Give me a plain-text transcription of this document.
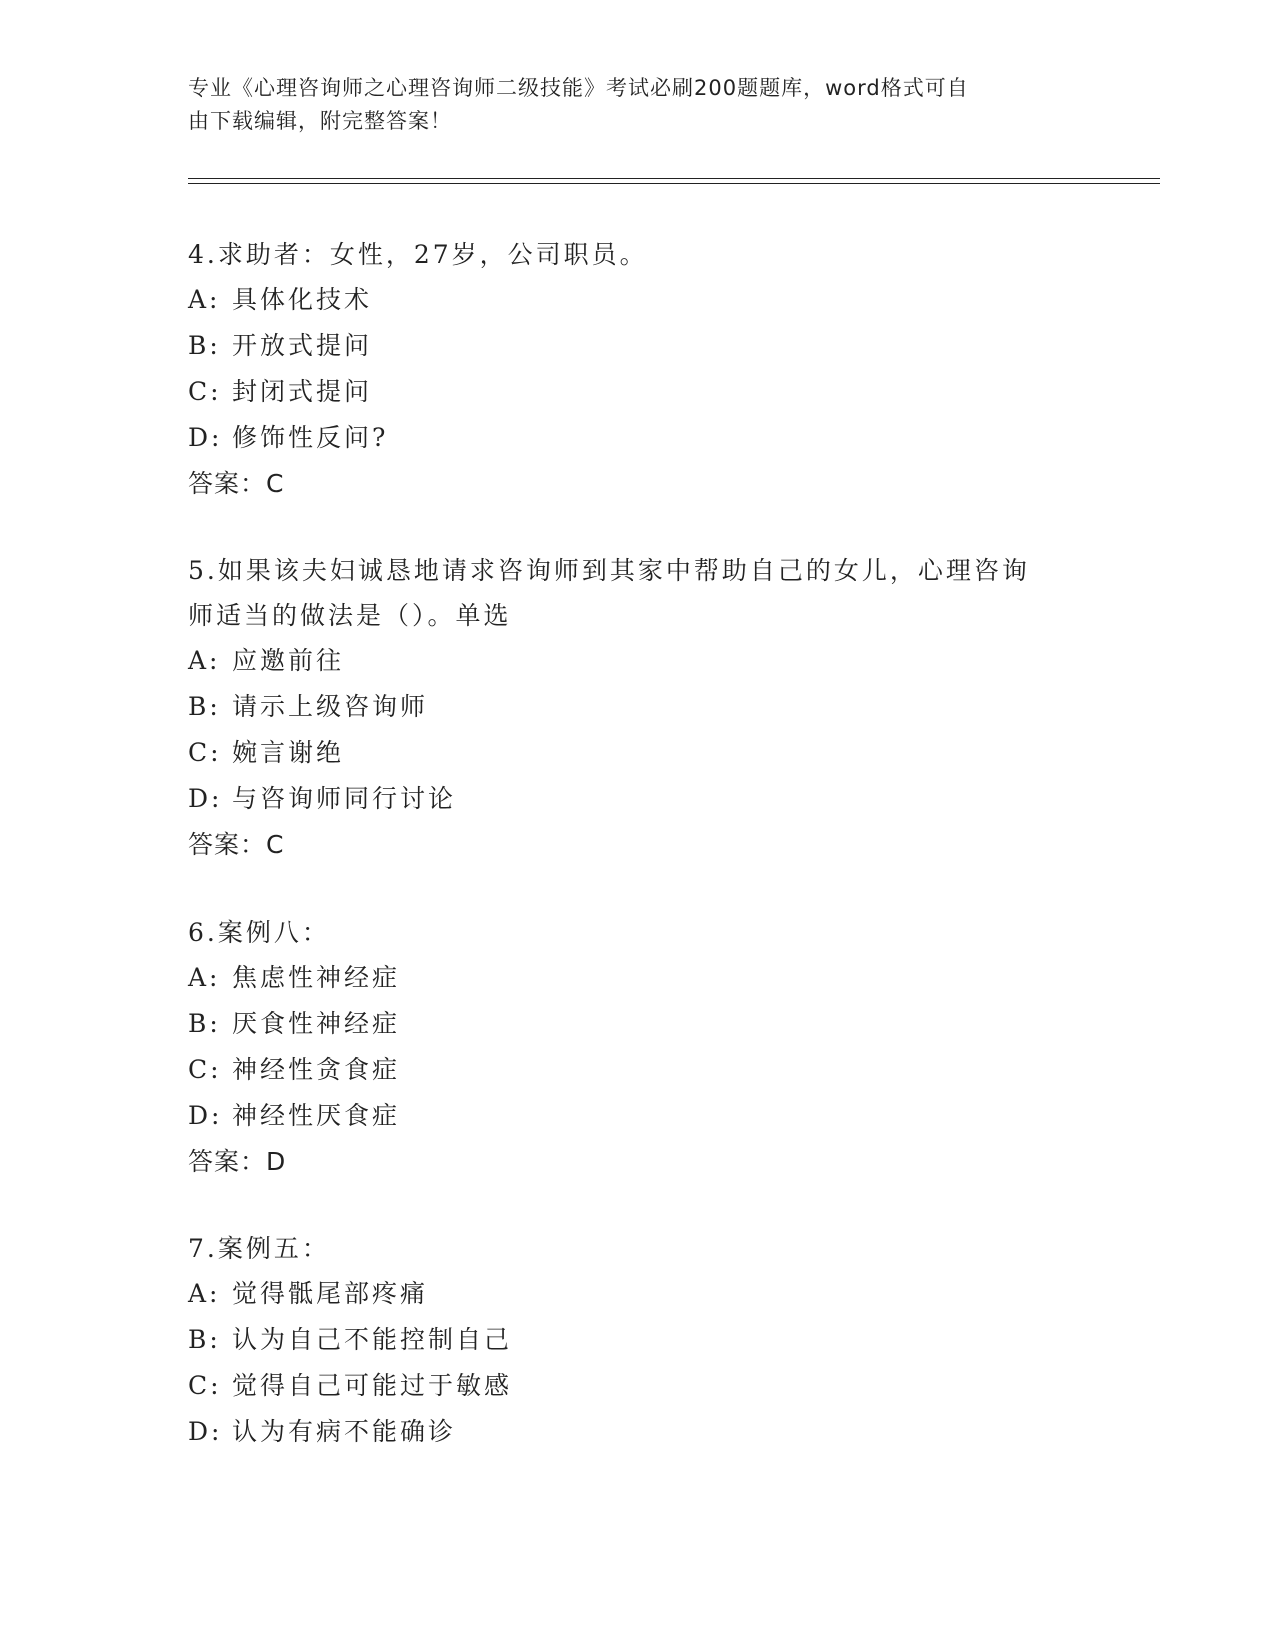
专业《心理咨询师之心理咨询师二级技能》考试必刷200题题库，word格式可自
由下载编辑，附完整答案！

4.求助者：女性，27岁，公司职员。

A: 具体化技术

B: 开放式提问

C: 封闭式提问

D: 修饰性反问?

答案：C

5.如果该夫妇诚恳地请求咨询师到其家中帮助自己的女儿，心理咨询师适当的做法是（）。单选

A: 应邀前往

B: 请示上级咨询师

C: 婉言谢绝

D: 与咨询师同行讨论

答案：C

6.案例八：

A: 焦虑性神经症

B: 厌食性神经症

C: 神经性贪食症

D: 神经性厌食症

答案：D

7.案例五：

A: 觉得骶尾部疼痛

B: 认为自己不能控制自己

C: 觉得自己可能过于敏感

D: 认为有病不能确诊
